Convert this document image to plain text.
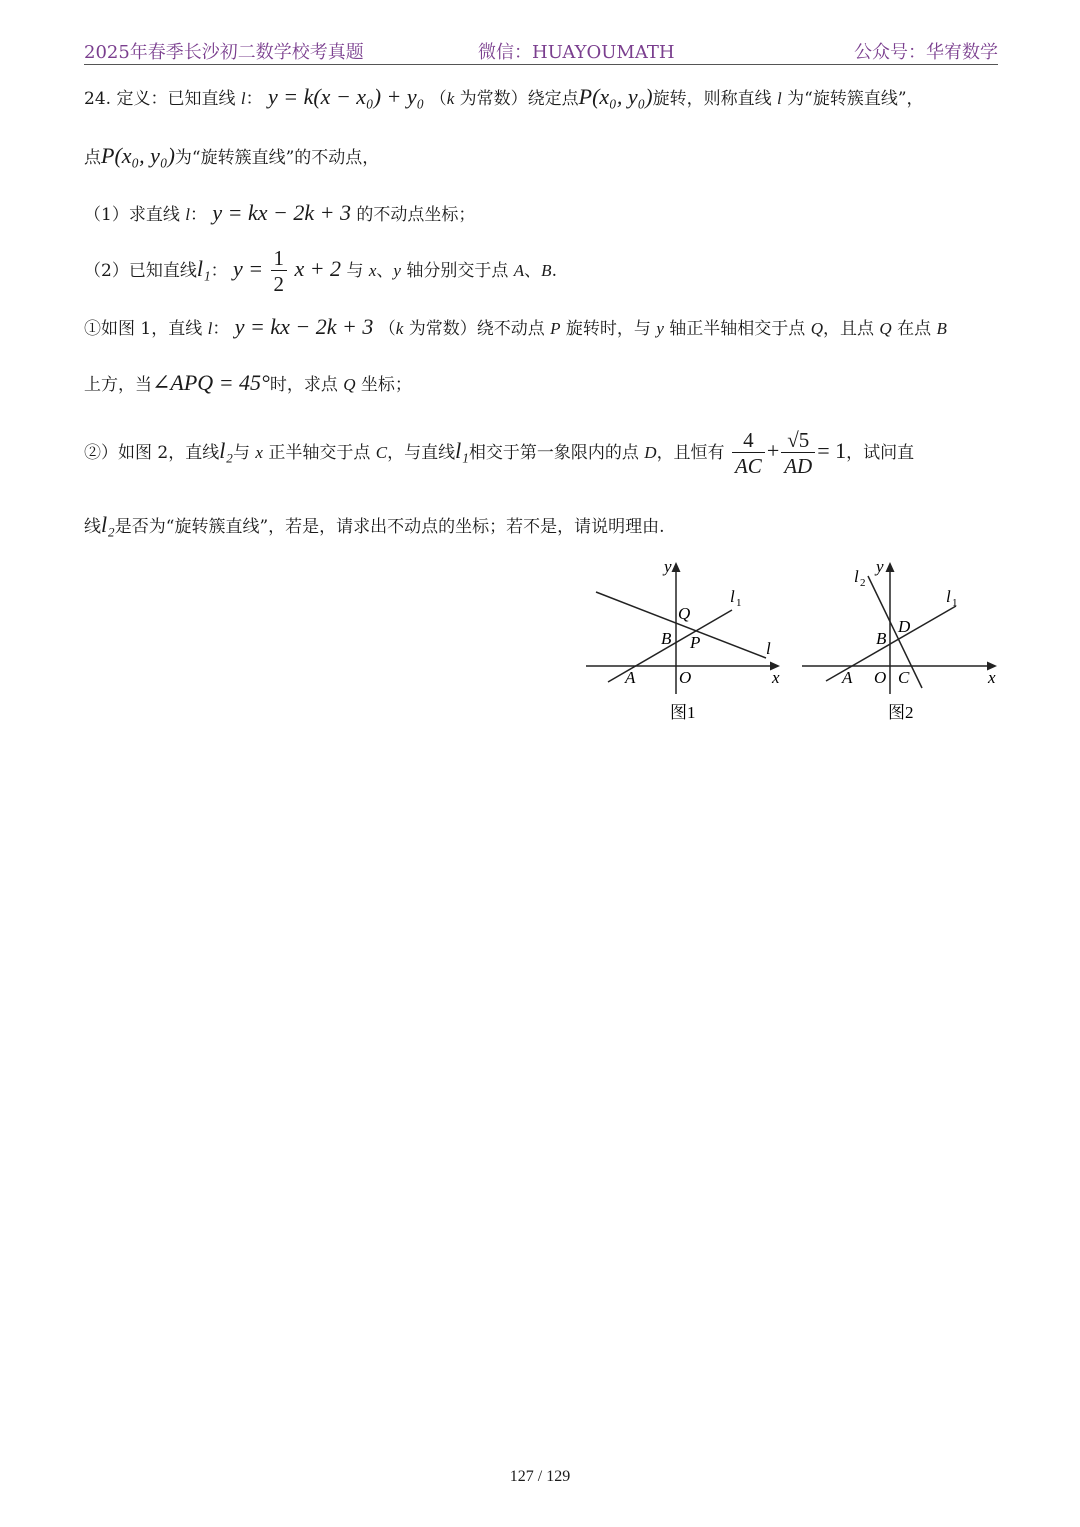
2025年春季长沙初二数学校考真题	微信：HUAYOUMATH	公众号：华宥数学
24. 定义：已知直线 l： y = k(x − x₀) + y₀ （k 为常数）绕定点P(x₀, y₀)旋转，则称直线 l 为“旋转簇直线”，
点P(x₀, y₀)为“旋转簇直线”的不动点，
（1）求直线 l： y = kx − 2k + 3 的不动点坐标；
（2）已知直线l₁： $y = \frac{1}{2}$ x + 2 与 x、y 轴分别交于点 A、B.
①如图 1，直线 l： y = kx − 2k + 3 （k 为常数）绕不动点 P 旋转时，与 y 轴正半轴相交于点 Q，且点 Q 在点 B
上方，当∠APQ = 45°时，求点 Q 坐标；
②）如图 2，直线l₂与 x 正半轴交于点 C，与直线l₁相交于第一象限内的点 D，且恒有 $\frac{4}{AC} + \frac{√5}{AD} = 1$，试问直
线l₂是否为“旋转簇直线”，若是，请求出不动点的坐标；若不是，请说明理由.
y
x
O
A
B P
Q
l
l 1
图1
y
x
O
A	C
B
D
l 2
l 1
图2
127 / 129
